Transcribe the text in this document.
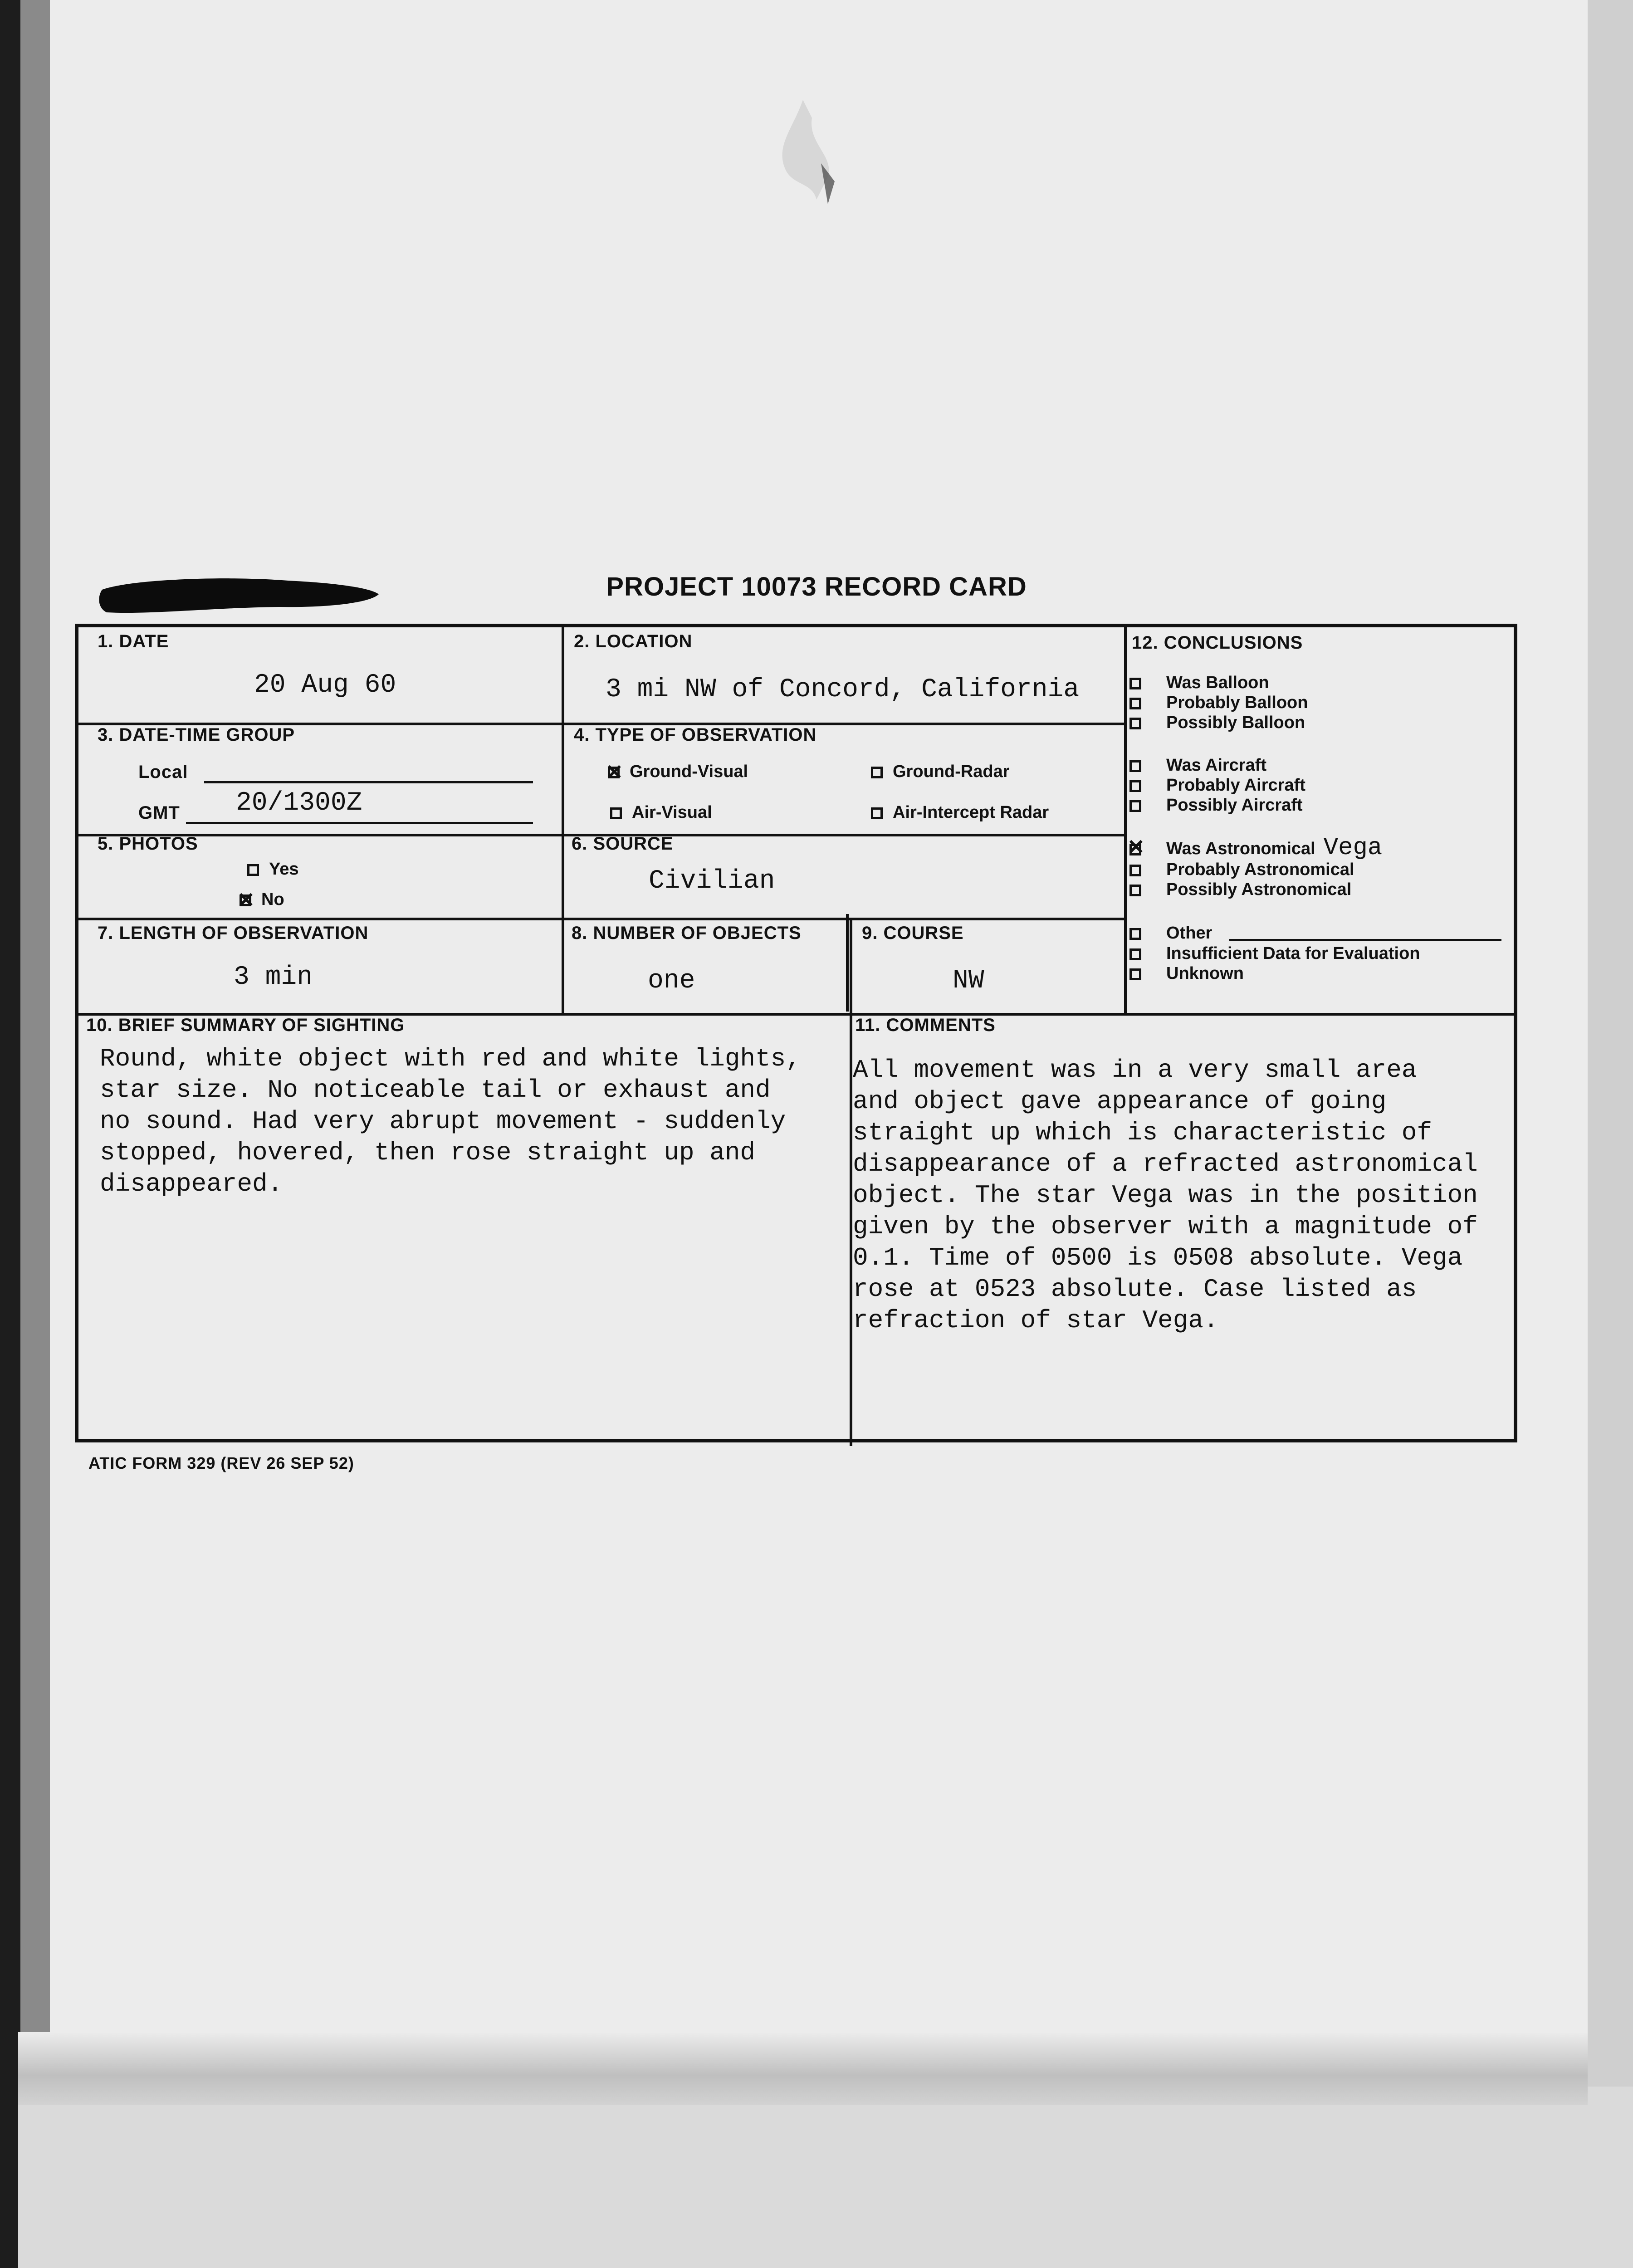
PROJECT 10073 RECORD CARD
1. DATE
20 Aug 60
2. LOCATION
3 mi NW of Concord, California
3. DATE-TIME GROUP
Local
GMT 20/1300Z
4. TYPE OF OBSERVATION
✕Ground-Visual	Ground-Radar
Air-Visual	Air-Intercept Radar
5. PHOTOS
Yes
✕No
6. SOURCE
Civilian
7. LENGTH OF OBSERVATION
3 min
8. NUMBER OF OBJECTS
one
9. COURSE
NW
10. BRIEF SUMMARY OF SIGHTING
Round, white object with red and white lights,
star size. No noticeable tail or exhaust and
no sound. Had very abrupt movement - suddenly
stopped, hovered, then rose straight up and
disappeared.
11. COMMENTS
All movement was in a very small area
and object gave appearance of going
straight up which is characteristic of
disappearance of a refracted astronomical
object. The star Vega was in the position
given by the observer with a magnitude of
0.1. Time of 0500 is 0508 absolute. Vega
rose at 0523 absolute. Case listed as
refraction of star Vega.
12. CONCLUSIONS
Was Balloon
Probably Balloon
Possibly Balloon
Was Aircraft
Probably Aircraft
Possibly Aircraft
✕Was Astronomical Vega
Probably Astronomical
Possibly Astronomical
Other
Insufficient Data for Evaluation
Unknown
ATIC FORM 329 (REV 26 SEP 52)
